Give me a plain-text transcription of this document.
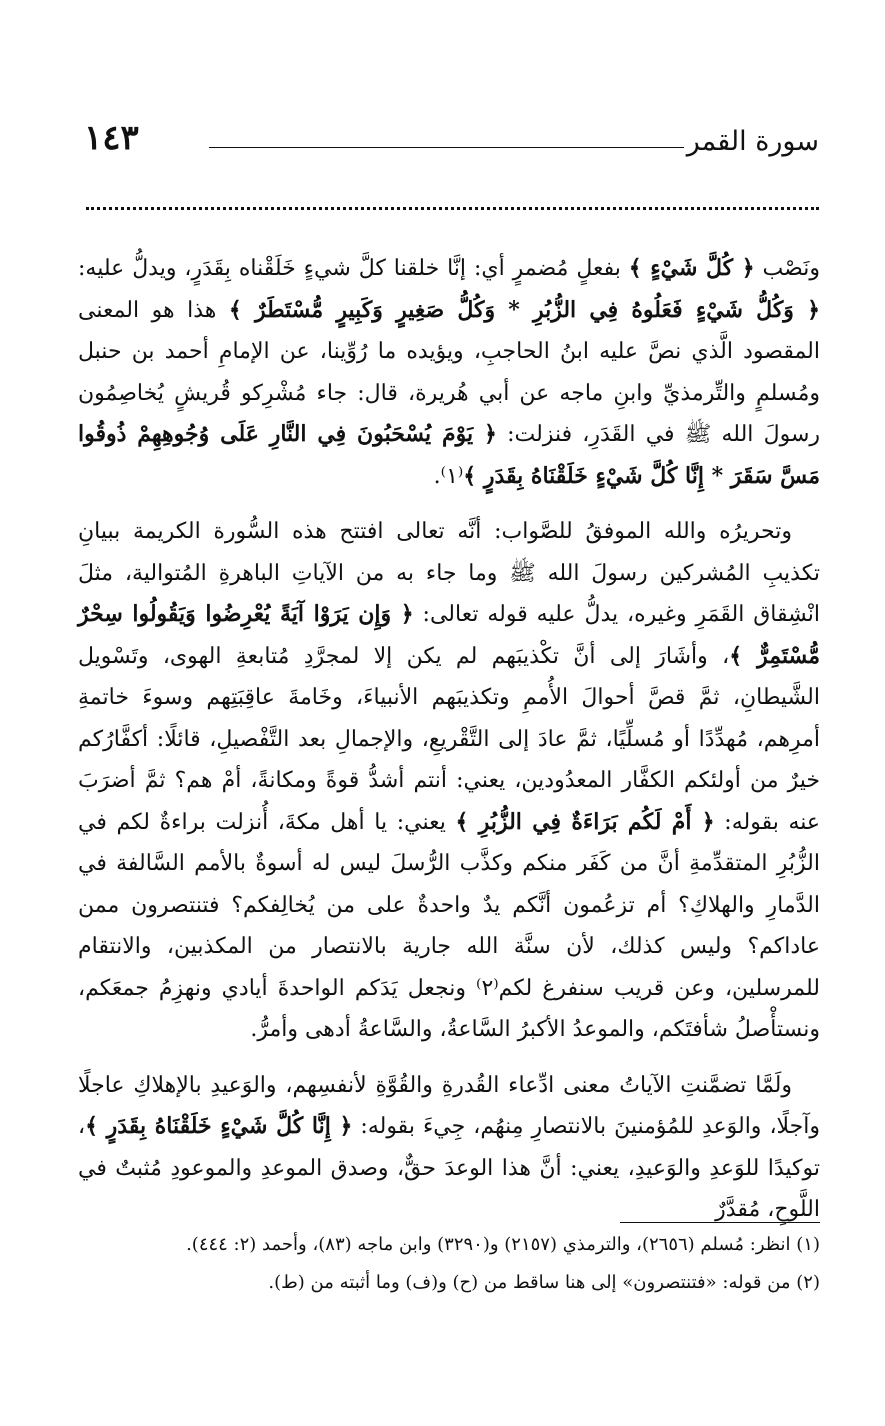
سورة القمر
١٤٣

ونَصْب ﴿ كُلَّ شَيْءٍ ﴾ بفعلٍ مُضمرٍ أي: إنَّا خلقنا كلَّ شيءٍ خَلَقْناه بِقَدَرٍ، ويدلُّ عليه: ﴿ وَكُلُّ شَيْءٍ فَعَلُوهُ فِي الزُّبُرِ * وَكُلُّ صَغِيرٍ وَكَبِيرٍ مُّسْتَطَرٌ ﴾ هذا هو المعنى المقصود الَّذي نصَّ عليه ابنُ الحاجبِ، ويؤيده ما رُوِّينا، عن الإمامِ أحمد بن حنبل ومُسلمٍ والتِّرمذيِّ وابنِ ماجه عن أبي هُريرة، قال: جاء مُشْرِكو قُريشٍ يُخاصِمُون رسولَ الله ﷺ في القَدَرِ، فنزلت: ﴿ يَوْمَ يُسْحَبُونَ فِي النَّارِ عَلَى وُجُوهِهِمْ ذُوقُوا مَسَّ سَقَرَ * إِنَّا كُلَّ شَيْءٍ خَلَقْنَاهُ بِقَدَرٍ ﴾⁽١⁾.

وتحريرُه والله الموفقُ للصَّواب: أنَّه تعالى افتتح هذه السُّورة الكريمة ببيانِ تكذيبِ المُشركين رسولَ الله ﷺ وما جاء به من الآياتِ الباهرةِ المُتوالية، مثلَ انْشِقاق القَمَرِ وغيره، يدلُّ عليه قوله تعالى: ﴿ وَإِن يَرَوْا آيَةً يُعْرِضُوا وَيَقُولُوا سِحْرٌ مُّسْتَمِرٌّ ﴾، وأشَارَ إلى أنَّ تكْذيبَهم لم يكن إلا لمجرَّدِ مُتابعةِ الهوى، وتَسْويل الشَّيطانِ، ثمَّ قصَّ أحوالَ الأُممِ وتكذيبَهم الأنبياءَ، وخَامةَ عاقِبَتِهم وسوءَ خاتمةِ أمرِهم، مُهدِّدًا أو مُسلِّيًا، ثمَّ عادَ إلى التَّقْريعِ، والإجمالِ بعد التَّفْصيلِ، قائلًا: أكفَّارُكم خيرٌ من أولئكم الكفَّار المعدُودين، يعني: أنتم أشدُّ قوةً ومكانةً، أمْ هم؟ ثمَّ أضرَبَ عنه بقوله: ﴿ أَمْ لَكُم بَرَاءَةٌ فِي الزُّبُرِ ﴾ يعني: يا أهل مكةَ، أُنزلت براءةٌ لكم في الزُّبُرِ المتقدِّمةِ أنَّ من كَفَر منكم وكذَّب الرُّسلَ ليس له أسوةٌ بالأمم السَّالفة في الدَّمارِ والهلاكِ؟ أم تزعُمون أنَّكم يدٌ واحدةٌ على من يُخالِفكم؟ فتنتصرون ممن عاداكم؟ وليس كذلك، لأن سنَّة الله جارية بالانتصار من المكذبين، والانتقام للمرسلين، وعن قريب سنفرغ لكم⁽٢⁾ ونجعل يَدَكم الواحدةَ أيادي ونهزِمُ جمعَكم، ونستأْصلُ شأفتَكم، والموعدُ الأكبرُ السَّاعةُ، والسَّاعةُ أدهى وأمرُّ.

ولَمَّا تضمَّنتِ الآياتُ معنى ادِّعاء القُدرةِ والقُوَّةِ لأنفسِهم، والوَعيدِ بالإهلاكِ عاجلًا وآجلًا، والوَعدِ للمُؤمنينَ بالانتصارِ مِنهُم، جِيءَ بقوله: ﴿ إِنَّا كُلَّ شَيْءٍ خَلَقْنَاهُ بِقَدَرٍ ﴾، توكيدًا للوَعدِ والوَعيدِ، يعني: أنَّ هذا الوعدَ حقٌّ، وصدق الموعدِ والموعودِ مُثبتٌ في اللَّوحِ، مُقدَّرٌ

(١) انظر: مُسلم (٢٦٥٦)، والترمذي (٢١٥٧) و(٣٢٩٠) وابن ماجه (٨٣)، وأحمد (٢: ٤٤٤).

(٢) من قوله: «فتنتصرون» إلى هنا ساقط من (ح) و(ف) وما أثبته من (ط).
